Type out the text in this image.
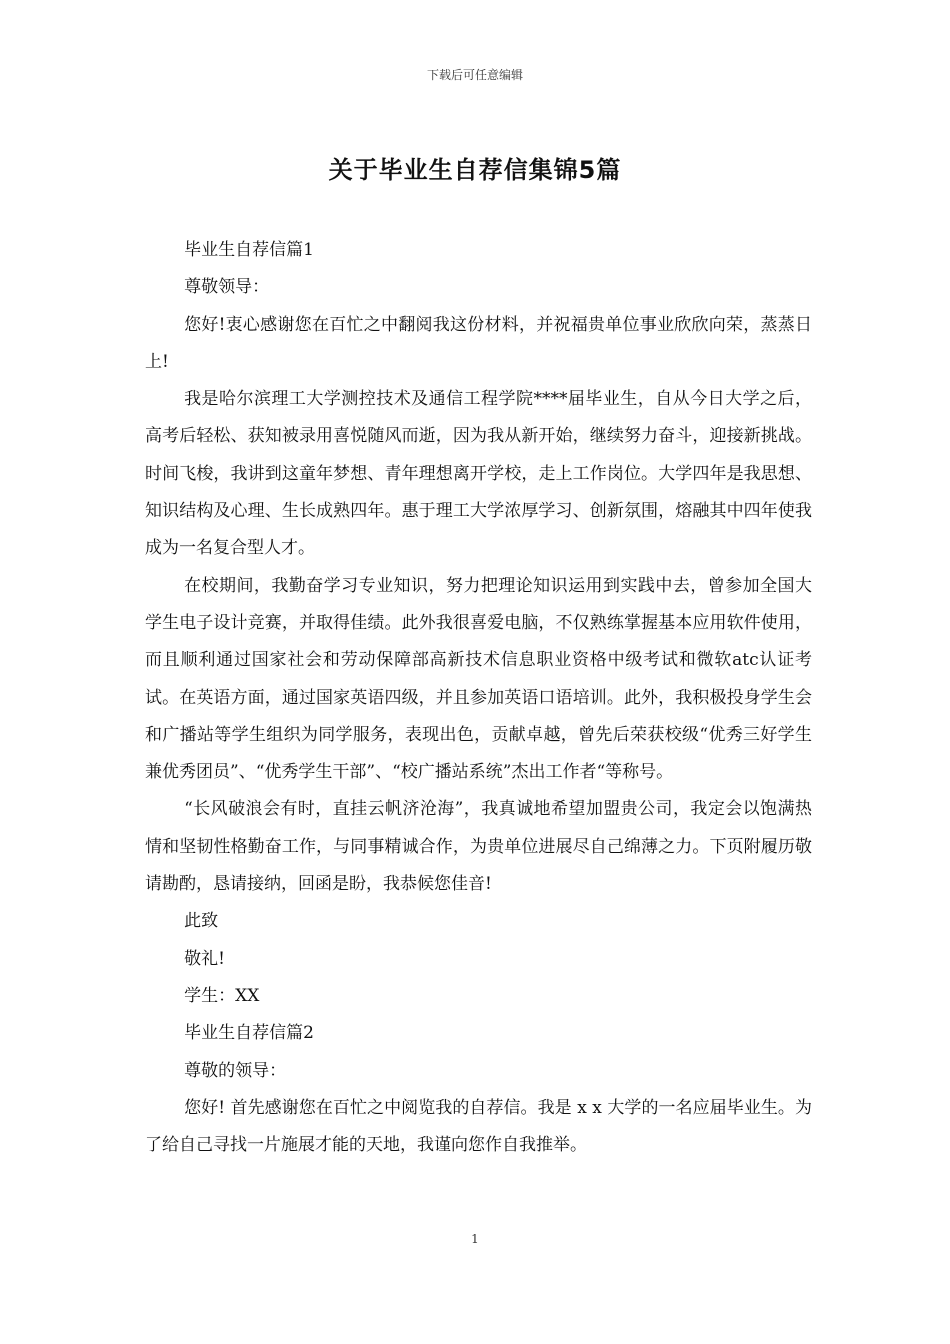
下载后可任意编辑
关于毕业生自荐信集锦5篇

毕业生自荐信篇1

尊敬领导：

您好!衷心感谢您在百忙之中翻阅我这份材料，并祝福贵单位事业欣欣向荣，蒸蒸日上!

我是哈尔滨理工大学测控技术及通信工程学院****届毕业生，自从今日大学之后，高考后轻松、获知被录用喜悦随风而逝，因为我从新开始，继续努力奋斗，迎接新挑战。时间飞梭，我讲到这童年梦想、青年理想离开学校，走上工作岗位。大学四年是我思想、知识结构及心理、生长成熟四年。惠于理工大学浓厚学习、创新氛围，熔融其中四年使我成为一名复合型人才。

在校期间，我勤奋学习专业知识，努力把理论知识运用到实践中去，曾参加全国大学生电子设计竞赛，并取得佳绩。此外我很喜爱电脑，不仅熟练掌握基本应用软件使用，而且顺利通过国家社会和劳动保障部高新技术信息职业资格中级考试和微软atc认证考试。在英语方面，通过国家英语四级，并且参加英语口语培训。此外，我积极投身学生会和广播站等学生组织为同学服务，表现出色，贡献卓越，曾先后荣获校级“优秀三好学生兼优秀团员”、“优秀学生干部”、“校广播站系统”杰出工作者“等称号。

“长风破浪会有时，直挂云帆济沧海”，我真诚地希望加盟贵公司，我定会以饱满热情和坚韧性格勤奋工作，与同事精诚合作，为贵单位进展尽自己绵薄之力。下页附履历敬请勘酌，恳请接纳，回函是盼，我恭候您佳音!

此致

敬礼!

学生：XX

毕业生自荐信篇2

尊敬的领导：

您好! 首先感谢您在百忙之中阅览我的自荐信。我是 x x 大学的一名应届毕业生。为了给自己寻找一片施展才能的天地，我谨向您作自我推举。

1
